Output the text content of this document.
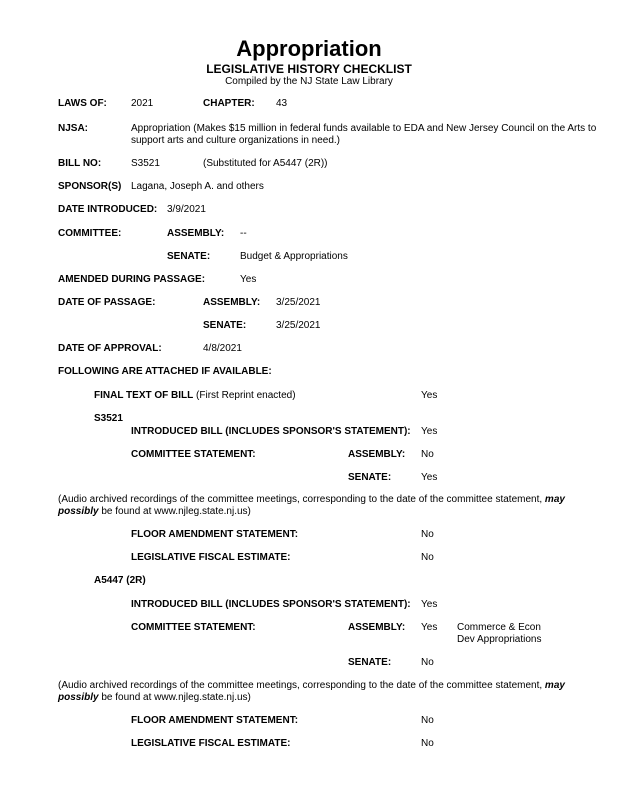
Appropriation
LEGISLATIVE HISTORY CHECKLIST
Compiled by the NJ State Law Library
LAWS OF: 2021	CHAPTER: 43
NJSA:	Appropriation (Makes $15 million in federal funds available to EDA and New Jersey Council on the Arts to support arts and culture organizations in need.)
BILL NO:	S3521	(Substituted for A5447 (2R))
SPONSOR(S) Lagana, Joseph A. and others
DATE INTRODUCED: 3/9/2021
COMMITTEE:	ASSEMBLY: --
SENATE:	Budget & Appropriations
AMENDED DURING PASSAGE:	Yes
DATE OF PASSAGE:	ASSEMBLY: 3/25/2021
SENATE:	3/25/2021
DATE OF APPROVAL:	4/8/2021
FOLLOWING ARE ATTACHED IF AVAILABLE:
FINAL TEXT OF BILL (First Reprint enacted)	Yes
S3521
INTRODUCED BILL (INCLUDES SPONSOR'S STATEMENT): Yes
COMMITTEE STATEMENT:	ASSEMBLY: No
SENATE:	Yes
(Audio archived recordings of the committee meetings, corresponding to the date of the committee statement, may possibly be found at www.njleg.state.nj.us)
FLOOR AMENDMENT STATEMENT:	No
LEGISLATIVE FISCAL ESTIMATE:	No
A5447 (2R)
INTRODUCED BILL (INCLUDES SPONSOR'S STATEMENT): Yes
COMMITTEE STATEMENT:	ASSEMBLY: Yes Commerce & Econ Dev Appropriations
SENATE:	No
(Audio archived recordings of the committee meetings, corresponding to the date of the committee statement, may possibly be found at www.njleg.state.nj.us)
FLOOR AMENDMENT STATEMENT:	No
LEGISLATIVE FISCAL ESTIMATE:	No
